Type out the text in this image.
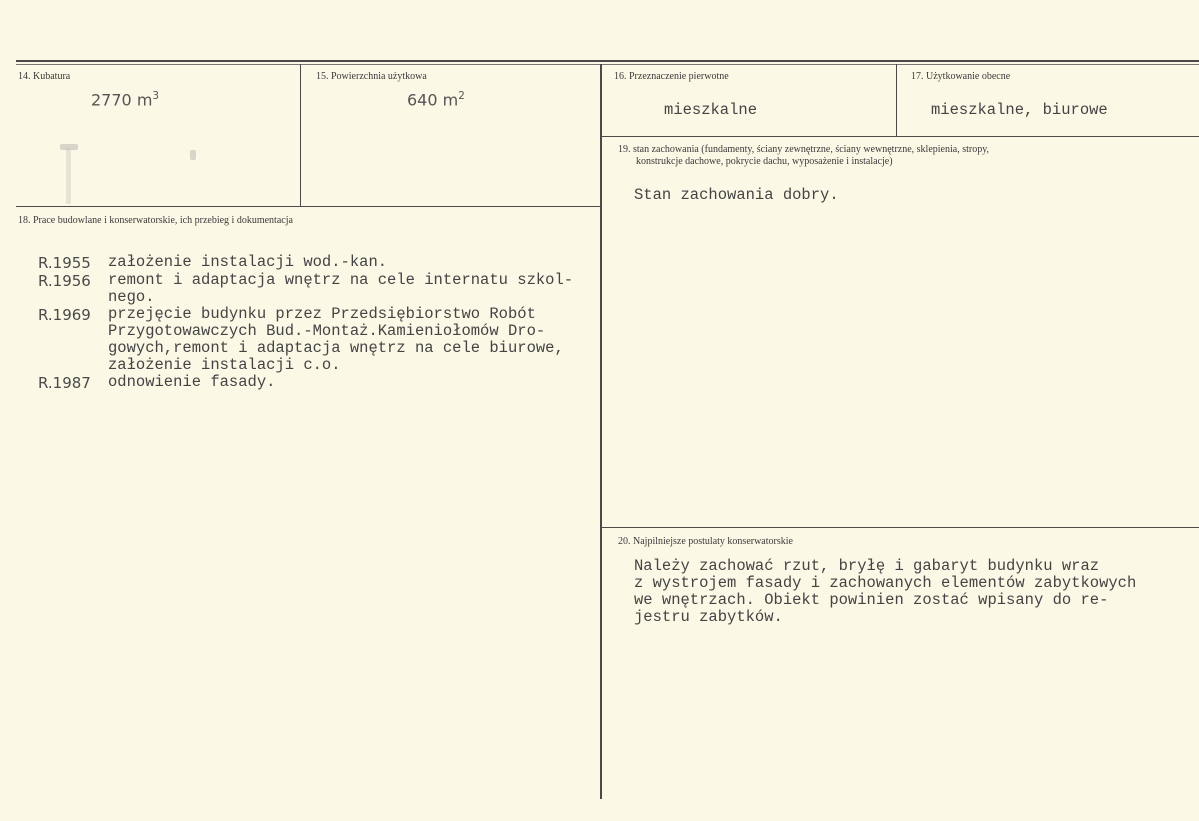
14. Kubatura
2770 $m^3$
15. Powierzchnia użytkowa
640 $m^2$
16. Przeznaczenie pierwotne
mieszkalne
17. Użytkowanie obecne
mieszkalne, biurowe
18. Prace budowlane i konserwatorskie, ich przebieg i dokumentacja
R.1955	założenie instalacji wod.-kan.
R.1956	remont i adaptacja wnętrz na cele internatu szkol-
nego.
R.1969	przejęcie budynku przez Przedsiębiorstwo Robót
Przygotowawczych Bud.-Montaż.Kamieniołomów Dro-
gowych,remont i adaptacja wnętrz na cele biurowe,
założenie instalacji c.o.
R.1987	odnowienie fasady.
19. stan zachowania (fundamenty, ściany zewnętrzne, ściany wewnętrzne, sklepienia, stropy,
konstrukcje dachowe, pokrycie dachu, wyposażenie i instalacje)
Stan zachowania dobry.
20. Najpilniejsze postulaty konserwatorskie
Należy zachować rzut, bryłę i gabaryt budynku wraz
z wystrojem fasady i zachowanych elementów zabytkowych
we wnętrzach. Obiekt powinien zostać wpisany do re-
jestru zabytków.
